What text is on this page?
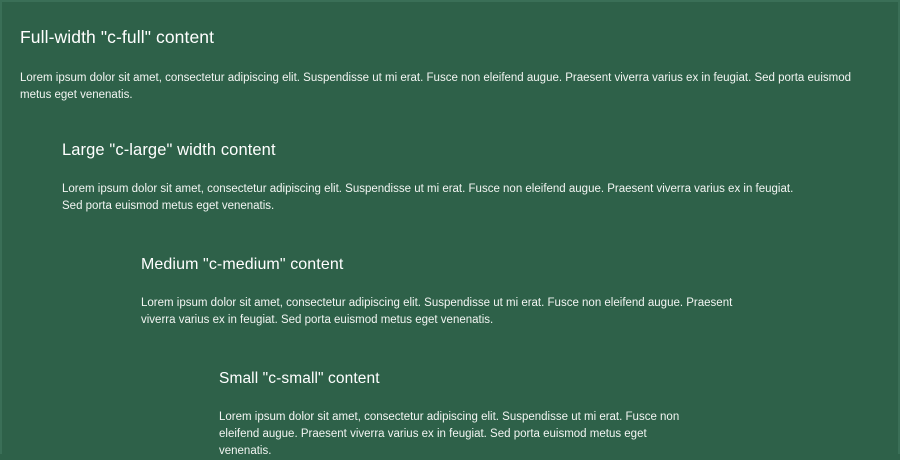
Full-width "c-full" content

Lorem ipsum dolor sit amet, consectetur adipiscing elit. Suspendisse ut mi erat. Fusce non eleifend augue. Praesent viverra varius ex in feugiat. Sed porta euismod metus eget venenatis.

Large "c-large" width content

Lorem ipsum dolor sit amet, consectetur adipiscing elit. Suspendisse ut mi erat. Fusce non eleifend augue. Praesent viverra varius ex in feugiat. Sed porta euismod metus eget venenatis.

Medium "c-medium" content

Lorem ipsum dolor sit amet, consectetur adipiscing elit. Suspendisse ut mi erat. Fusce non eleifend augue. Praesent viverra varius ex in feugiat. Sed porta euismod metus eget venenatis.

Small "c-small" content

Lorem ipsum dolor sit amet, consectetur adipiscing elit. Suspendisse ut mi erat. Fusce non eleifend augue. Praesent viverra varius ex in feugiat. Sed porta euismod metus eget venenatis.
